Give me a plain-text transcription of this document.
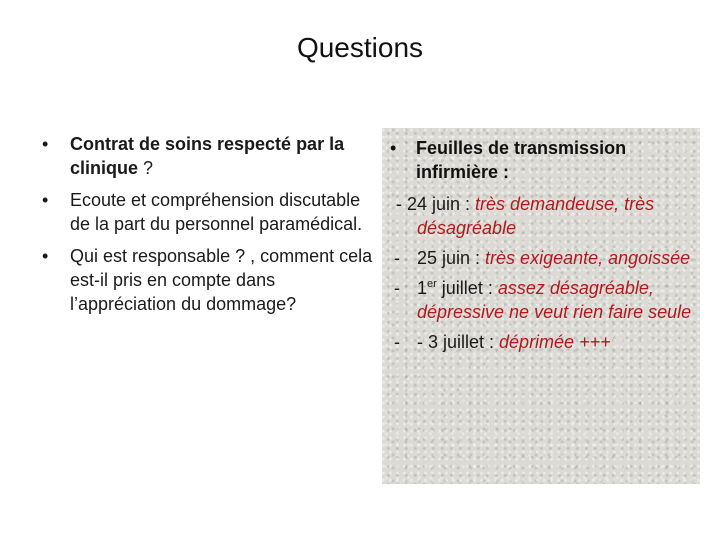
Questions
• Contrat de soins respecté par la clinique ?
• Ecoute et compréhension discutable de la part du personnel paramédical.
• Qui est responsable ? , comment cela est-il pris en compte dans l’appréciation du dommage?
• Feuilles de transmission infirmière :
- 24 juin : très demandeuse, très désagréable
- 25 juin : très exigeante, angoissée
- 1er juillet : assez désagréable, dépressive ne veut rien faire seule
- - 3 juillet : déprimée +++
